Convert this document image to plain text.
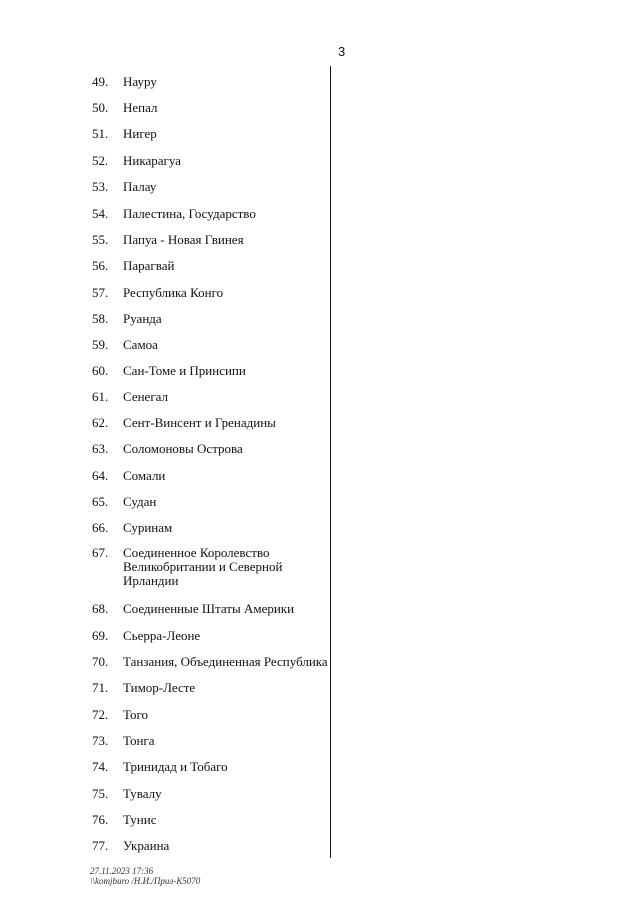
3
49.	Науру
50.	Непал
51.	Нигер
52.	Никарагуа
53.	Палау
54.	Палестина, Государство
55.	Папуа - Новая Гвинея
56.	Парагвай
57.	Республика Конго
58.	Руанда
59.	Самоа
60.	Сан-Томе и Принсипи
61.	Сенегал
62.	Сент-Винсент и Гренадины
63.	Соломоновы Острова
64.	Сомали
65.	Судан
66.	Суринам
67.	Соединенное Королевство Великобритании и Северной Ирландии
68.	Соединенные Штаты Америки
69.	Сьерра-Леоне
70.	Танзания, Объединенная Республика
71.	Тимор-Лесте
72.	Того
73.	Тонга
74.	Тринидад и Тобаго
75.	Тувалу
76.	Тунис
77.	Украина
27.11.2023 17:36
\\komjburo /Н.И./Прил-К5070
